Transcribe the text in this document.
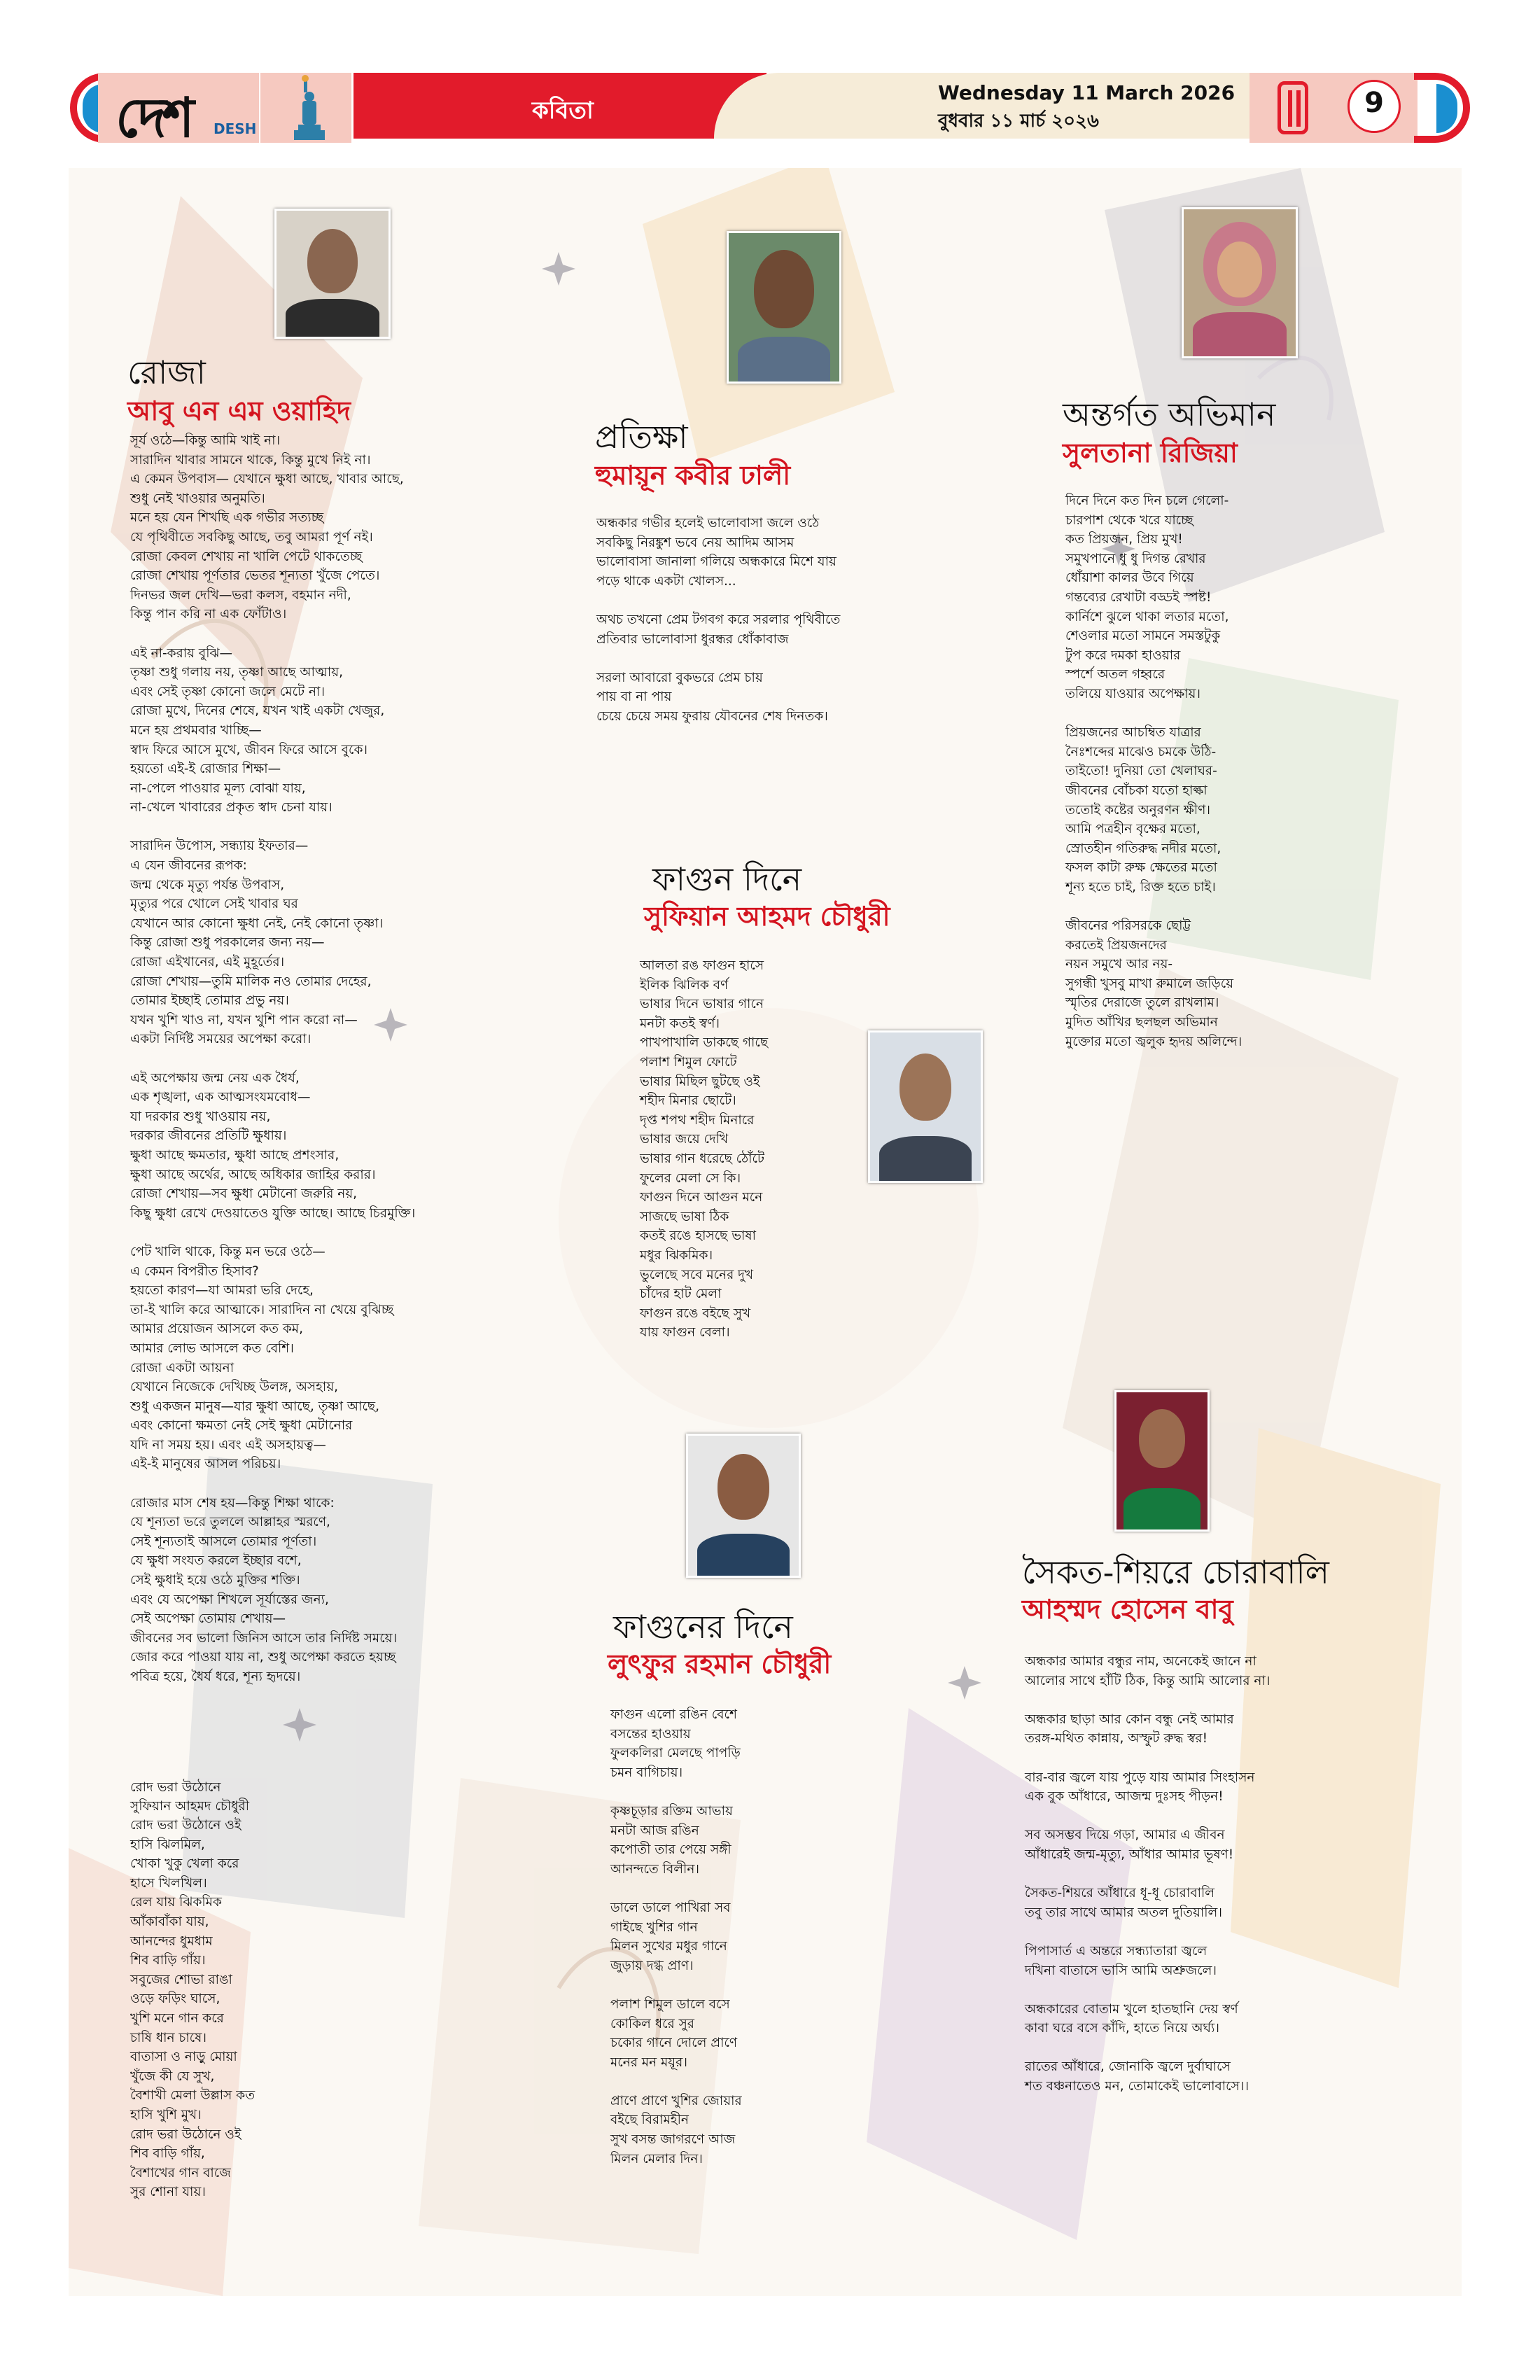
দেশ DESH
কবিতা
Wednesday 11 March 2026
বুধবার ১১ মার্চ ২০২৬
9
রোজা
আবু এন এম ওয়াহিদ
সূর্য ওঠে—কিন্তু আমি খাই না।
সারাদিন খাবার সামনে থাকে, কিন্তু মুখে নিই না।
এ কেমন উপবাস— যেখানে ক্ষুধা আছে, খাবার আছে,
শুধু নেই খাওয়ার অনুমতি।
মনে হয় যেন শিখছি এক গভীর সত্যচ্ছ
যে পৃথিবীতে সবকিছু আছে, তবু আমরা পূর্ণ নই।
রোজা কেবল শেখায় না খালি পেটে থাকতেচ্ছ
রোজা শেখায় পূর্ণতার ভেতর শূন্যতা খুঁজে পেতে।
দিনভর জল দেখি—ভরা কলস, বহমান নদী,
কিন্তু পান করি না এক ফোঁটাও।

এই না-করায় বুঝি—
তৃষ্ণা শুধু গলায় নয়, তৃষ্ণা আছে আত্মায়,
এবং সেই তৃষ্ণা কোনো জলে মেটে না।
রোজা মুখে, দিনের শেষে, যখন খাই একটা খেজুর,
মনে হয় প্রথমবার খাচ্ছি—
স্বাদ ফিরে আসে মুখে, জীবন ফিরে আসে বুকে।
হয়তো এই-ই রোজার শিক্ষা—
না-পেলে পাওয়ার মূল্য বোঝা যায়,
না-খেলে খাবারের প্রকৃত স্বাদ চেনা যায়।

সারাদিন উপোস, সন্ধ্যায় ইফতার—
এ যেন জীবনের রূপক:
জন্ম থেকে মৃত্যু পর্যন্ত উপবাস,
মৃত্যুর পরে খোলে সেই খাবার ঘর
যেখানে আর কোনো ক্ষুধা নেই, নেই কোনো তৃষ্ণা।
কিন্তু রোজা শুধু পরকালের জন্য নয়—
রোজা এইখানের, এই মুহূর্তের।
রোজা শেখায়—তুমি মালিক নও তোমার দেহের,
তোমার ইচ্ছাই তোমার প্রভু নয়।
যখন খুশি খাও না, যখন খুশি পান করো না—
একটা নির্দিষ্ট সময়ের অপেক্ষা করো।

এই অপেক্ষায় জন্ম নেয় এক ধৈর্য,
এক শৃঙ্খলা, এক আত্মসংযমবোধ—
যা দরকার শুধু খাওয়ায় নয়,
দরকার জীবনের প্রতিটি ক্ষুধায়।
ক্ষুধা আছে ক্ষমতার, ক্ষুধা আছে প্রশংসার,
ক্ষুধা আছে অর্থের, আছে অধিকার জাহির করার।
রোজা শেখায়—সব ক্ষুধা মেটানো জরুরি নয়,
কিছু ক্ষুধা রেখে দেওয়াতেও যুক্তি আছে। আছে চিরমুক্তি।

পেট খালি থাকে, কিন্তু মন ভরে ওঠে—
এ কেমন বিপরীত হিসাব?
হয়তো কারণ—যা আমরা ভরি দেহে,
তা-ই খালি করে আত্মাকে। সারাদিন না খেয়ে বুঝিচ্ছ
আমার প্রয়োজন আসলে কত কম,
আমার লোভ আসলে কত বেশি।
রোজা একটা আয়না
যেখানে নিজেকে দেখিচ্ছ উলঙ্গ, অসহায়,
শুধু একজন মানুষ—যার ক্ষুধা আছে, তৃষ্ণা আছে,
এবং কোনো ক্ষমতা নেই সেই ক্ষুধা মেটানোর
যদি না সময় হয়। এবং এই অসহায়ত্ব—
এই-ই মানুষের আসল পরিচয়।

রোজার মাস শেষ হয়—কিন্তু শিক্ষা থাকে:
যে শূন্যতা ভরে তুললে আল্লাহর স্মরণে,
সেই শূন্যতাই আসলে তোমার পূর্ণতা।
যে ক্ষুধা সংযত করলে ইচ্ছার বশে,
সেই ক্ষুধাই হয়ে ওঠে মুক্তির শক্তি।
এবং যে অপেক্ষা শিখলে সূর্যাস্তের জন্য,
সেই অপেক্ষা তোমায় শেখায়—
জীবনের সব ভালো জিনিস আসে তার নির্দিষ্ট সময়ে।
জোর করে পাওয়া যায় না, শুধু অপেক্ষা করতে হয়চ্ছ
পবিত্র হয়ে, ধৈর্য ধরে, শূন্য হৃদয়ে।
প্রতিক্ষা
হুমায়ূন কবীর ঢালী
অন্ধকার গভীর হলেই ভালোবাসা জলে ওঠে
সবকিছু নিরঙ্কুশ ভবে নেয় আদিম আসম
ভালোবাসা জানালা গলিয়ে অন্ধকারে মিশে যায়
পড়ে থাকে একটা খোলস...

অথচ তখনো প্রেম টগবগ করে সরলার পৃথিবীতে
প্রতিবার ভালোবাসা ধুরন্ধর ধোঁকাবাজ

সরলা আবারো বুকভরে প্রেম চায়
পায় বা না পায়
চেয়ে চেয়ে সময় ফুরায় যৌবনের শেষ দিনতক।
অন্তর্গত অভিমান
সুলতানা রিজিয়া
দিনে দিনে কত দিন চলে গেলো-
চারপাশ থেকে খরে যাচ্ছে
কত প্রিয়জন, প্রিয় মুখ!
সমুখপানে ধু ধু দিগন্ত রেখার
ধোঁয়াশা কালর উবে গিয়ে
গন্তব্যের রেখাটা বড্ডই স্পষ্ট!
কার্নিশে ঝুলে থাকা লতার মতো,
শেওলার মতো সামনে সমস্তটুকু
টুপ করে দমকা হাওয়ার
স্পর্শে অতল গহ্বরে
তলিয়ে যাওয়ার অপেক্ষায়।

প্রিয়জনের আচম্বিত যাত্রার
নৈঃশব্দের মাঝেও চমকে উঠি-
তাইতো! দুনিয়া তো খেলাঘর-
জীবনের বোঁচকা যতো হাল্কা
ততোই কষ্টের অনুরণন ক্ষীণ।
আমি পত্রহীন বৃক্ষের মতো,
স্রোতহীন গতিরুদ্ধ নদীর মতো,
ফসল কাটা রুক্ষ ক্ষেতের মতো
শূন্য হতে চাই, রিক্ত হতে চাই।

জীবনের পরিসরকে ছোট্ট
করতেই প্রিয়জনদের
নয়ন সমুখে আর নয়-
সুগন্ধী খুসবু মাখা রুমালে জড়িয়ে
স্মৃতির দেরাজে তুলে রাখলাম।
মুদিত আঁখির ছলছল অভিমান
মুক্তোর মতো জ্বলুক হৃদয় অলিন্দে।
ফাগুন দিনে
সুফিয়ান আহমদ চৌধুরী
আলতা রঙ ফাগুন হাসে
ইলিক ঝিলিক বর্ণ
ভাষার দিনে ভাষার গানে
মনটা কতই স্বর্ণ।
পাখপাখালি ডাকছে গাছে
পলাশ শিমুল ফোটে
ভাষার মিছিল ছুটছে ওই
শহীদ মিনার ছোটে।
দৃপ্ত শপথ শহীদ মিনারে
ভাষার জয়ে দেখি
ভাষার গান ধরেছে ঠোঁটে
ফুলের মেলা সে কি।
ফাগুন দিনে আগুন মনে
সাজছে ভাষা ঠিক
কতই রঙে হাসছে ভাষা
মধুর ঝিকমিক।
ভুলেছে সবে মনের দুখ
চাঁদের হাট মেলা
ফাগুন রঙে বইছে সুখ
যায় ফাগুন বেলা।
ফাগুনের দিনে
লুৎফুর রহমান চৌধুরী
ফাগুন এলো রঙিন বেশে
বসন্তের হাওয়ায়
ফুলকলিরা মেলছে পাপড়ি
চমন বাগিচায়।

কৃষ্ণচূড়ার রক্তিম আভায়
মনটা আজ রঙিন
কপোতী তার পেয়ে সঙ্গী
আনন্দতে বিলীন।

ডালে ডালে পাখিরা সব
গাইছে খুশির গান
মিলন সুখের মধুর গানে
জুড়ায় দগ্ধ প্রাণ।

পলাশ শিমুল ডালে বসে
কোকিল ধরে সুর
চকোর গানে দোলে প্রাণে
মনের মন ময়ূর।

প্রাণে প্রাণে খুশির জোয়ার
বইছে বিরামহীন
সুখ বসন্ত জাগরণে আজ
মিলন মেলার দিন।
সৈকত-শিয়রে চোরাবালি
আহম্মদ হোসেন বাবু
অন্ধকার আমার বন্ধুর নাম, অনেকেই জানে না
আলোর সাথে হাঁটি ঠিক, কিন্তু আমি আলোর না।

অন্ধকার ছাড়া আর কোন বন্ধু নেই আমার
তরঙ্গ-মথিত কান্নায়, অস্ফুট রুদ্ধ স্বর!

বার-বার জ্বলে যায় পুড়ে যায় আমার সিংহাসন
এক বুক আঁধারে, আজন্ম দুঃসহ পীড়ন!

সব অসম্ভব দিয়ে গড়া, আমার এ জীবন
আঁধারেই জন্ম-মৃত্যু, আঁধার আমার ভূষণ!

সৈকত-শিয়রে আঁধারে ধূ-ধূ চোরাবালি
তবু তার সাথে আমার অতল দুতিয়ালি।

পিপাসার্ত এ অন্তরে সন্ধ্যাতারা জ্বলে
দখিনা বাতাসে ভাসি আমি অশ্রুজলে।

অন্ধকারের বোতাম খুলে হাতছানি দেয় স্বর্ণ
কাবা ঘরে বসে কাঁদি, হাতে নিয়ে অর্ঘ্য।

রাতের আঁধারে, জোনাকি জ্বলে দুর্বাঘাসে
শত বঞ্চনাতেও মন, তোমাকেই ভালোবাসে।।
রোদ ভরা উঠোনে
সুফিয়ান আহমদ চৌধুরী
রোদ ভরা উঠোনে ওই
হাসি ঝিলমিল,
খোকা খুকু খেলা করে
হাসে খিলখিল।
রেল যায় ঝিকমিক
আঁকাবাঁকা যায়,
আনন্দের ধুমধাম
শিব বাড়ি গাঁয়।
সবুজের শোভা রাঙা
ওড়ে ফড়িং ঘাসে,
খুশি মনে গান করে
চাষি ধান চাষে।
বাতাসা ও নাড়ু মোয়া
খুঁজে কী যে সুখ,
বৈশাখী মেলা উল্লাস কত
হাসি খুশি মুখ।
রোদ ভরা উঠোনে ওই
শিব বাড়ি গাঁয়,
বৈশাখের গান বাজে
সুর শোনা যায়।
